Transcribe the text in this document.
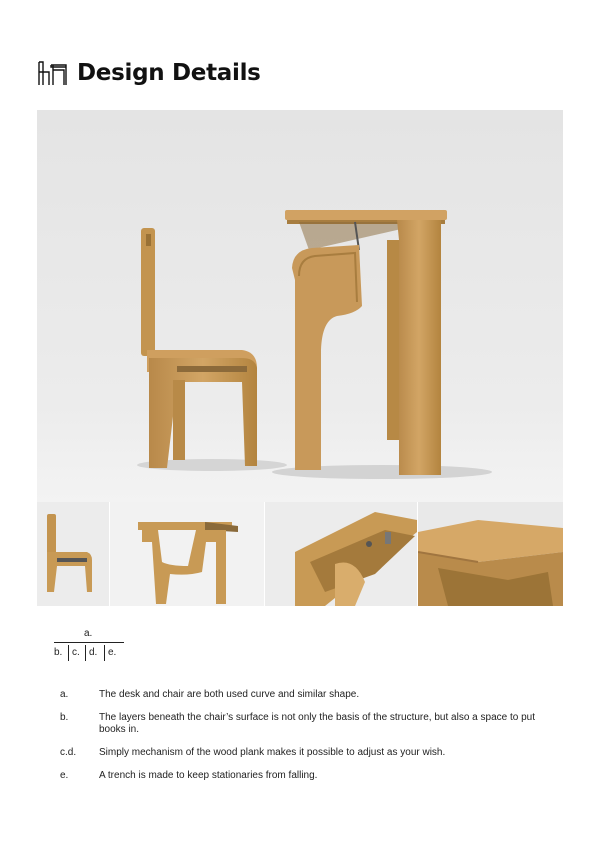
Design Details
a.
b. c. d. e.
a.	The desk and chair are both used curve and similar shape.
b.	The layers beneath the chair’s surface is not only the basis of the structure, but also a space to put books in.
c.d.	Simply mechanism of the wood plank makes it possible to adjust as your wish.
e.	A trench is made to keep stationaries from falling.
